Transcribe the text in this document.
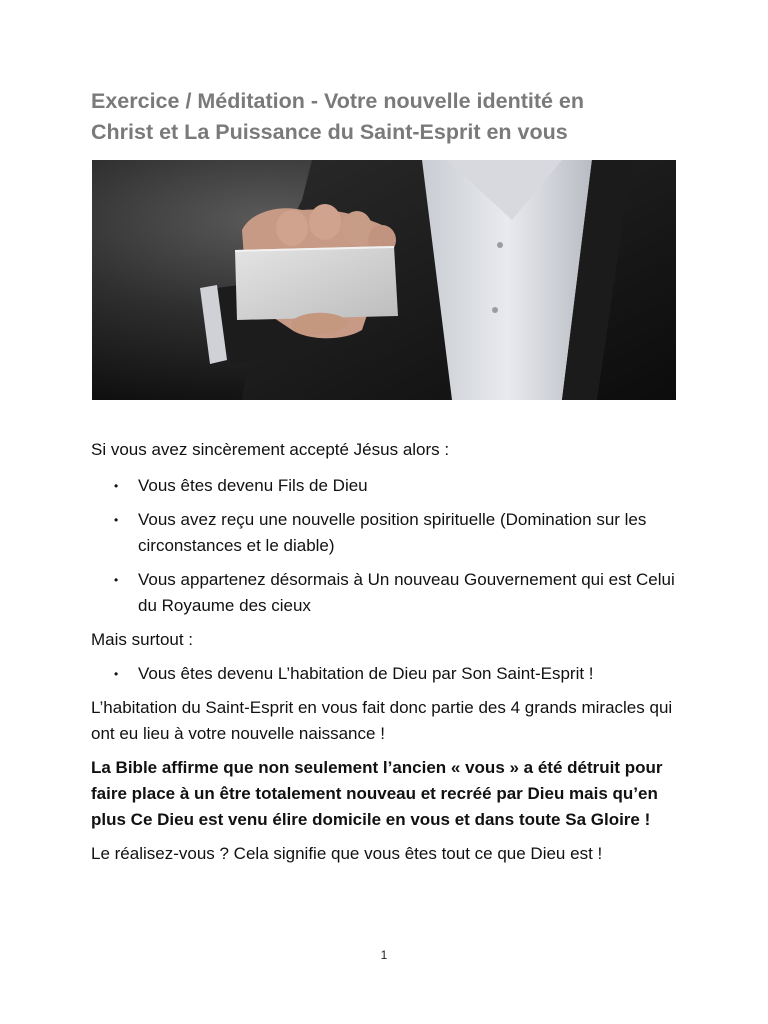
Exercice / Méditation - Votre nouvelle identité en
Christ et La Puissance du Saint-Esprit en vous

Si vous avez sincèrement accepté Jésus alors :

• Vous êtes devenu Fils de Dieu
• Vous avez reçu une nouvelle position spirituelle (Domination sur les circonstances et le diable)
• Vous appartenez désormais à Un nouveau Gouvernement qui est Celui du Royaume des cieux

Mais surtout :

• Vous êtes devenu L’habitation de Dieu par Son Saint-Esprit !

L’habitation du Saint-Esprit en vous fait donc partie des 4 grands miracles qui ont eu lieu à votre nouvelle naissance !

La Bible affirme que non seulement l’ancien « vous » a été détruit pour faire place à un être totalement nouveau et recréé par Dieu mais qu’en plus Ce Dieu est venu élire domicile en vous et dans toute Sa Gloire !

Le réalisez-vous ? Cela signifie que vous êtes tout ce que Dieu est !

1
